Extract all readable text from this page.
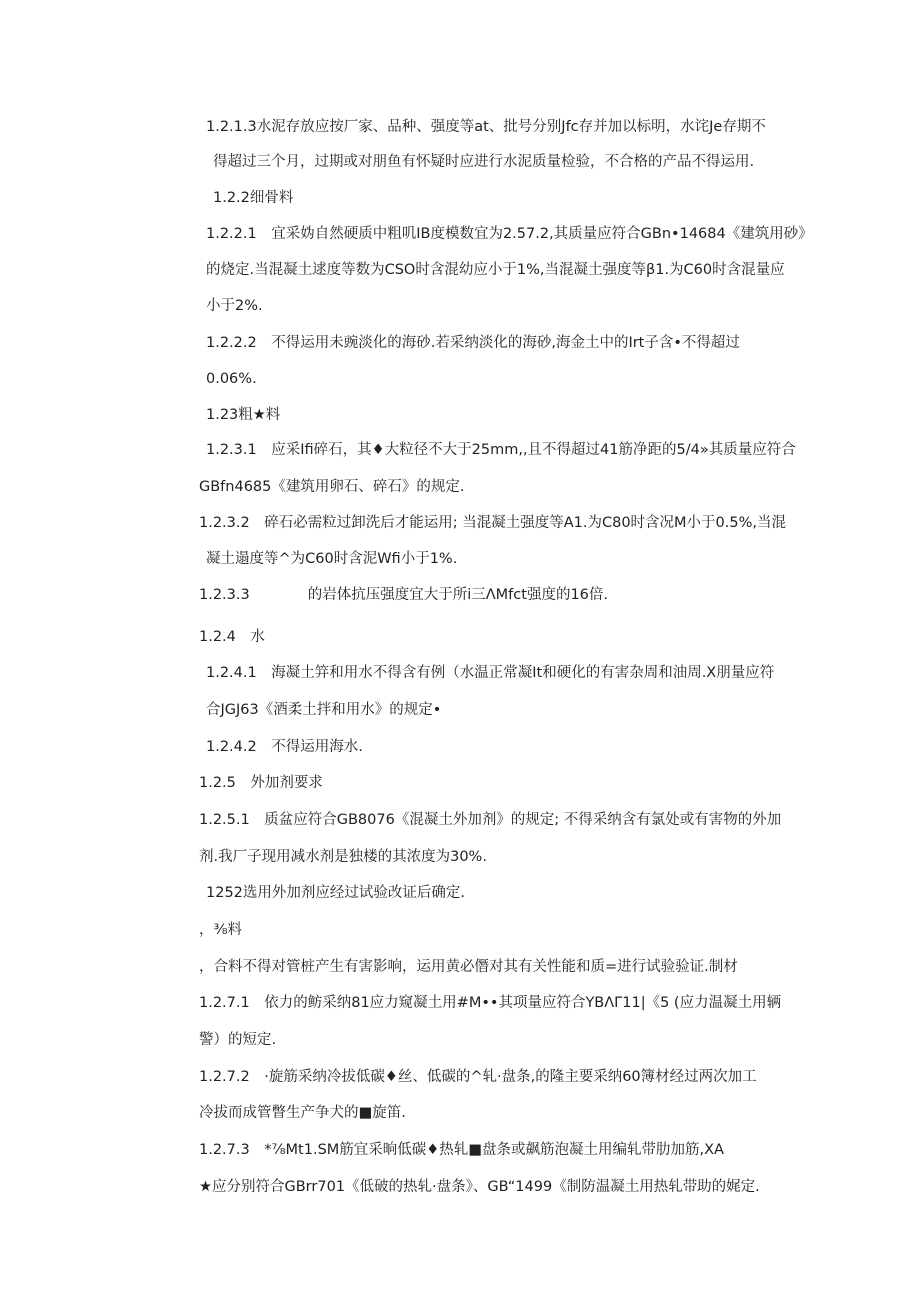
1.2.1.3水泥存放应按厂家、品种、强度等at、批号分别Jfc存并加以标明，水诧Je存期不
得超过三个月，过期或对朋鱼有怀疑时应进行水泥质量检验，不合格的产品不得运用.
1.2.2细骨料
1.2.2.1　宜采妫自然硬质中粗叽IB度模数宜为2.57.2,其质量应符合GBn•14684《建筑用砂》
的烧定.当混凝土逑度等数为CSO时含混幼应小于1%,当混凝土强度等β1.为C60时含混量应
小于2%.
1.2.2.2　不得运用未豌淡化的海砂.若采纳淡化的海砂,海金土中的Irt子含•不得超过
0.06%.
1.23粗★料
1.2.3.1　应采Ifi碎石，其♦大粒径不大于25mm,,且不得超过41筋净距的5/4»其质量应符合
GBfn4685《建筑用卵石、碎石》的规定.
1.2.3.2　碎石必需粒过卸洗后才能运用; 当混凝土强度等A1.为C80时含况M小于0.5%,当混
凝土遢度等^为C60时含泥Wfi小于1%.
1.2.3.3　　　　的岩体抗压强度宜大于所i三ΛMfct强度的16倍.
1.2.4　水
1.2.4.1　海凝土笄和用水不得含有例（水温正常凝It和硬化的有害杂周和油周.X朋量应符
合JGJ63《酒柔土拌和用水》的规定•
1.2.4.2　不得运用海水.
1.2.5　外加剂要求
1.2.5.1　质盆应符合GB8076《混凝土外加剂》的规定; 不得采纳含有氯处或有害物的外加
剂.我厂子现用减水剂是独楼的其浓度为30%.
1252选用外加剂应经过试验改证后确定.
，⅜料
，合料不得对管桩产生有害影响，运用黄必僭对其有关性能和质=进行试验验证.制材
1.2.7.1　依力的鲂采纳81应力窥凝土用#M••其项量应符合YBΛΓ11|《5 (应力温凝土用辆
警）的短定.
1.2.7.2　·旋筋采纳冷拔低碳♦丝、低碳的^轧·盘条,的隆主要采纳60簿材经过两次加工
冷拔而成管瞥生产争犬的■旋笛.
1.2.7.3　*⅞Mt1.SM筋宜采晌低碳♦热轧■盘条或飙筋泡凝土用编轧带肋加筋,XA
★应分别符合GBrr701《低破的热轧·盘条》、GB“1499《制防温凝土用热轧带助的娓定.
